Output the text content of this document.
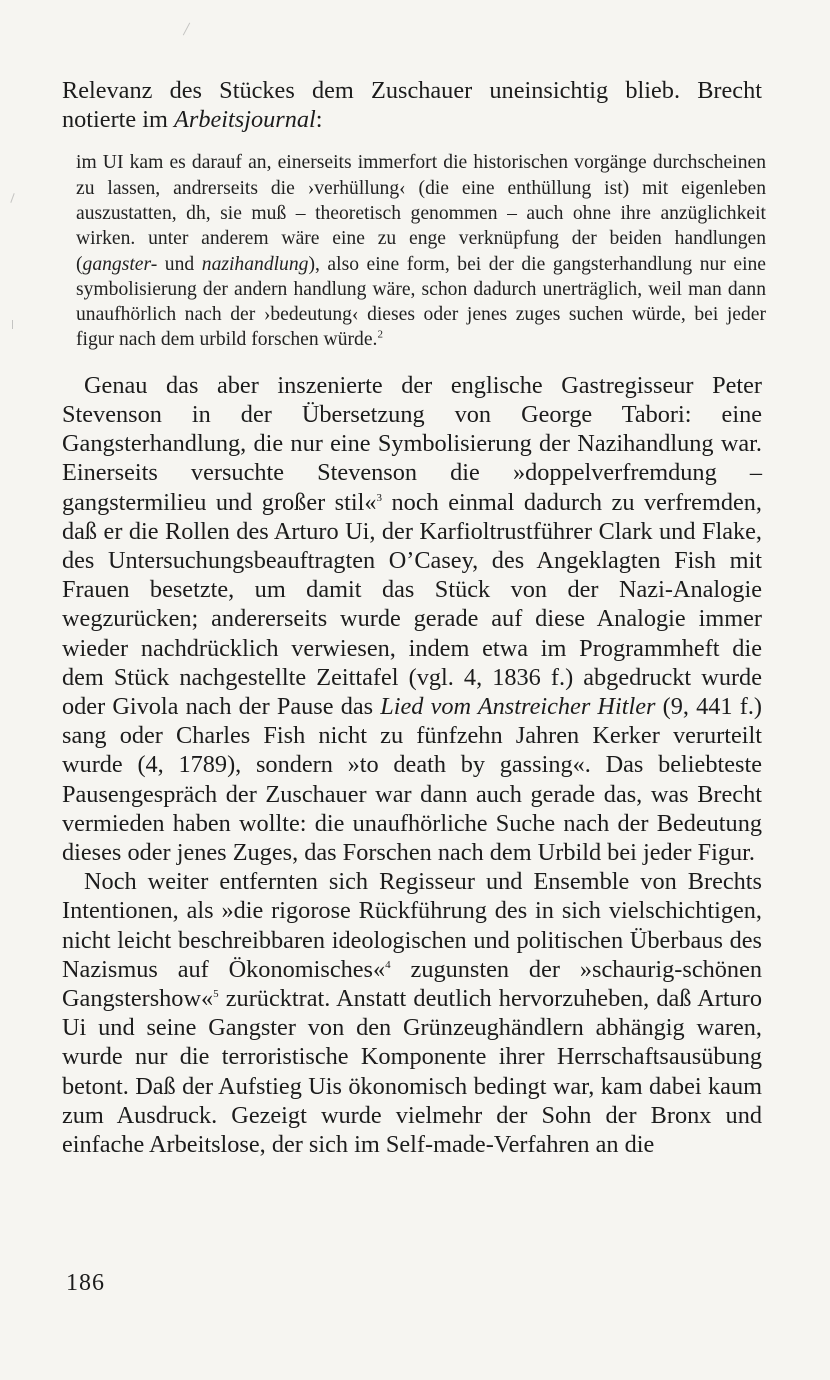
Relevanz des Stückes dem Zuschauer uneinsichtig blieb. Brecht notierte im Arbeitsjournal:

im UI kam es darauf an, einerseits immerfort die historischen vorgänge durchscheinen zu lassen, andrerseits die ›verhüllung‹ (die eine enthüllung ist) mit eigenleben auszustatten, dh, sie muß – theoretisch genommen – auch ohne ihre anzüglichkeit wirken. unter anderem wäre eine zu enge verknüpfung der beiden handlungen (gangster- und nazihandlung), also eine form, bei der die gangsterhandlung nur eine symbolisierung der andern handlung wäre, schon dadurch unerträglich, weil man dann unaufhörlich nach der ›bedeutung‹ dieses oder jenes zuges suchen würde, bei jeder figur nach dem urbild forschen würde.$^2$

Genau das aber inszenierte der englische Gastregisseur Peter Stevenson in der Übersetzung von George Tabori: eine Gangsterhandlung, die nur eine Symbolisierung der Nazihandlung war. Einerseits versuchte Stevenson die »doppelverfremdung – gangstermilieu und großer stil«$^3$ noch einmal dadurch zu verfremden, daß er die Rollen des Arturo Ui, der Karfioltrustführer Clark und Flake, des Untersuchungsbeauftragten O’Casey, des Angeklagten Fish mit Frauen besetzte, um damit das Stück von der Nazi-Analogie wegzurücken; andererseits wurde gerade auf diese Analogie immer wieder nachdrücklich verwiesen, indem etwa im Programmheft die dem Stück nachgestellte Zeittafel (vgl. 4, 1836 f.) abgedruckt wurde oder Givola nach der Pause das Lied vom Anstreicher Hitler (9, 441 f.) sang oder Charles Fish nicht zu fünfzehn Jahren Kerker verurteilt wurde (4, 1789), sondern »to death by gassing«. Das beliebteste Pausengespräch der Zuschauer war dann auch gerade das, was Brecht vermieden haben wollte: die unaufhörliche Suche nach der Bedeutung dieses oder jenes Zuges, das Forschen nach dem Urbild bei jeder Figur.

Noch weiter entfernten sich Regisseur und Ensemble von Brechts Intentionen, als »die rigorose Rückführung des in sich vielschichtigen, nicht leicht beschreibbaren ideologischen und politischen Überbaus des Nazismus auf Ökonomisches«$^4$ zugunsten der »schaurig-schönen Gangstershow«$^5$ zurücktrat. Anstatt deutlich hervorzuheben, daß Arturo Ui und seine Gangster von den Grünzeughändlern abhängig waren, wurde nur die terroristische Komponente ihrer Herrschaftsausübung betont. Daß der Aufstieg Uis ökonomisch bedingt war, kam dabei kaum zum Ausdruck. Gezeigt wurde vielmehr der Sohn der Bronx und einfache Arbeitslose, der sich im Self-made-Verfahren an die

186
